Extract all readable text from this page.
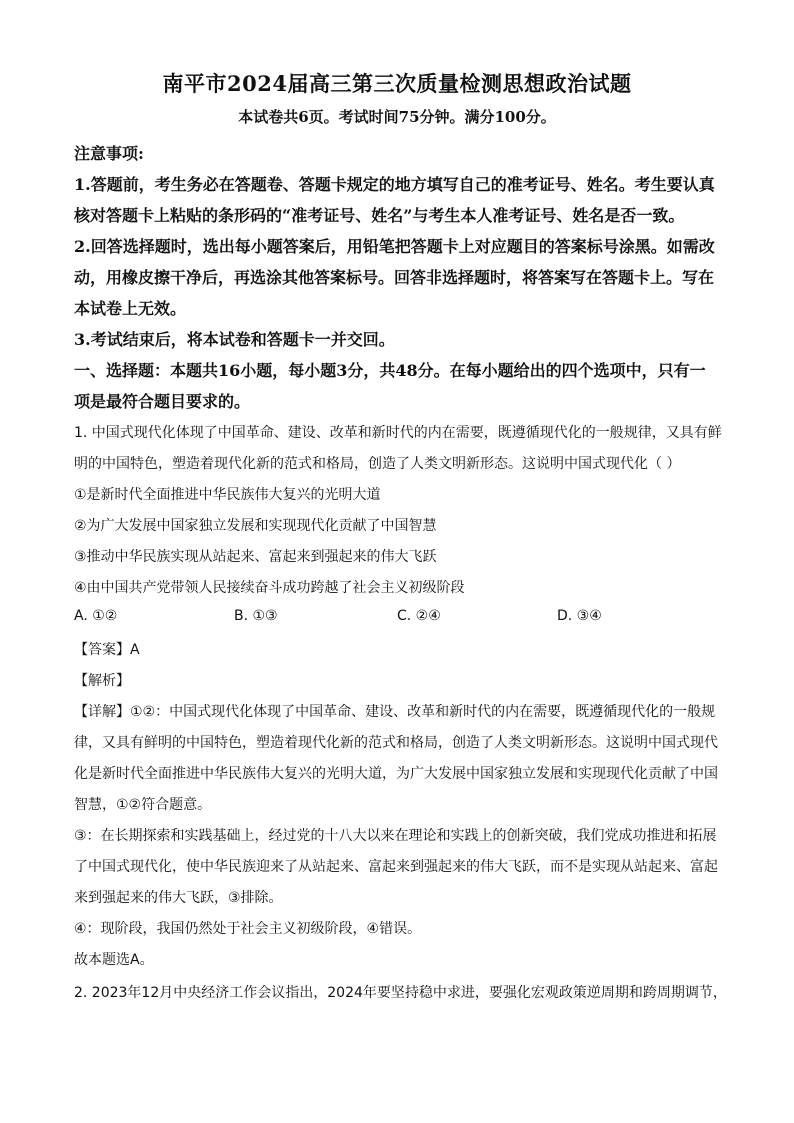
南平市2024届高三第三次质量检测思想政治试题
本试卷共6页。考试时间75分钟。满分100分。
注意事项:
1.答题前，考生务必在答题卷、答题卡规定的地方填写自己的准考证号、姓名。考生要认真
核对答题卡上粘贴的条形码的“准考证号、姓名”与考生本人准考证号、姓名是否一致。
2.回答选择题时，选出每小题答案后，用铅笔把答题卡上对应题目的答案标号涂黑。如需改
动，用橡皮擦干净后，再选涂其他答案标号。回答非选择题时，将答案写在答题卡上。写在
本试卷上无效。
3.考试结束后，将本试卷和答题卡一并交回。
一、选择题：本题共16小题，每小题3分，共48分。在每小题给出的四个选项中，只有一
项是最符合题目要求的。
1. 中国式现代化体现了中国革命、建设、改革和新时代的内在需要，既遵循现代化的一般规律，又具有鲜
明的中国特色，塑造着现代化新的范式和格局，创造了人类文明新形态。这说明中国式现代化（ ）
①是新时代全面推进中华民族伟大复兴的光明大道
②为广大发展中国家独立发展和实现现代化贡献了中国智慧
③推动中华民族实现从站起来、富起来到强起来的伟大飞跃
④由中国共产党带领人民接续奋斗成功跨越了社会主义初级阶段
A. ①②	B. ①③	C. ②④	D. ③④
【答案】A
【解析】
【详解】①②：中国式现代化体现了中国革命、建设、改革和新时代的内在需要，既遵循现代化的一般规
律，又具有鲜明的中国特色，塑造着现代化新的范式和格局，创造了人类文明新形态。这说明中国式现代
化是新时代全面推进中华民族伟大复兴的光明大道，为广大发展中国家独立发展和实现现代化贡献了中国
智慧，①②符合题意。
③：在长期探索和实践基础上，经过党的十八大以来在理论和实践上的创新突破，我们党成功推进和拓展
了中国式现代化，使中华民族迎来了从站起来、富起来到强起来的伟大飞跃，而不是实现从站起来、富起
来到强起来的伟大飞跃，③排除。
④：现阶段，我国仍然处于社会主义初级阶段，④错误。
故本题选A。
2. 2023年12月中央经济工作会议指出，2024年要坚持稳中求进，要强化宏观政策逆周期和跨周期调节，
